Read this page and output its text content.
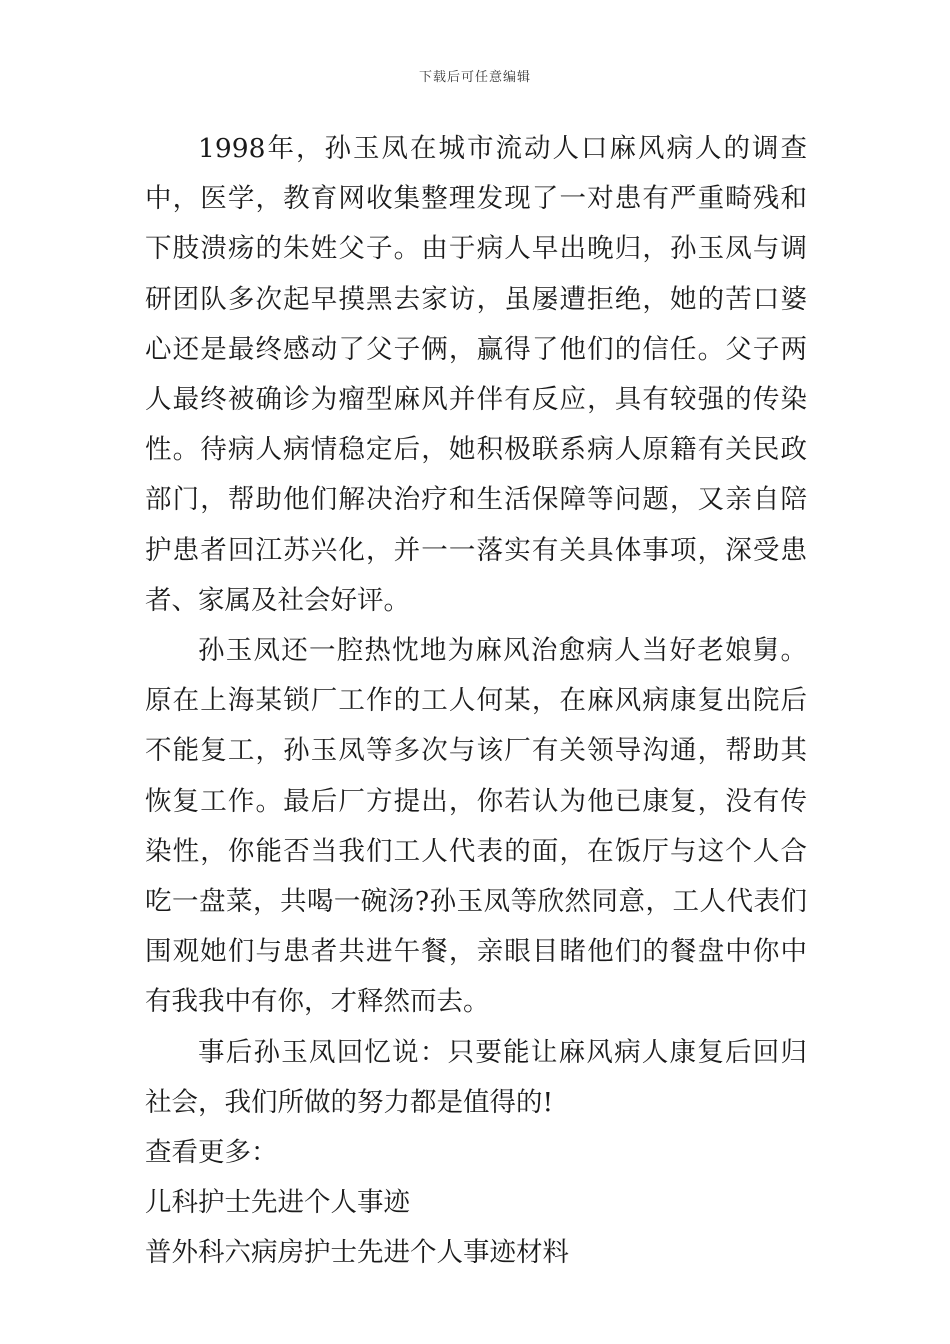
下载后可任意编辑

1998年，孙玉凤在城市流动人口麻风病人的调查中，医学，教育网收集整理发现了一对患有严重畸残和下肢溃疡的朱姓父子。由于病人早出晚归，孙玉凤与调研团队多次起早摸黑去家访，虽屡遭拒绝，她的苦口婆心还是最终感动了父子俩，赢得了他们的信任。父子两人最终被确诊为瘤型麻风并伴有反应，具有较强的传染性。待病人病情稳定后，她积极联系病人原籍有关民政部门，帮助他们解决治疗和生活保障等问题，又亲自陪护患者回江苏兴化，并一一落实有关具体事项，深受患者、家属及社会好评。

孙玉凤还一腔热忱地为麻风治愈病人当好老娘舅。原在上海某锁厂工作的工人何某，在麻风病康复出院后不能复工，孙玉凤等多次与该厂有关领导沟通，帮助其恢复工作。最后厂方提出，你若认为他已康复，没有传染性，你能否当我们工人代表的面，在饭厅与这个人合吃一盘菜，共喝一碗汤?孙玉凤等欣然同意，工人代表们围观她们与患者共进午餐，亲眼目睹他们的餐盘中你中有我我中有你，才释然而去。

事后孙玉凤回忆说：只要能让麻风病人康复后回归社会，我们所做的努力都是值得的!

查看更多：
儿科护士先进个人事迹
普外科六病房护士先进个人事迹材料
